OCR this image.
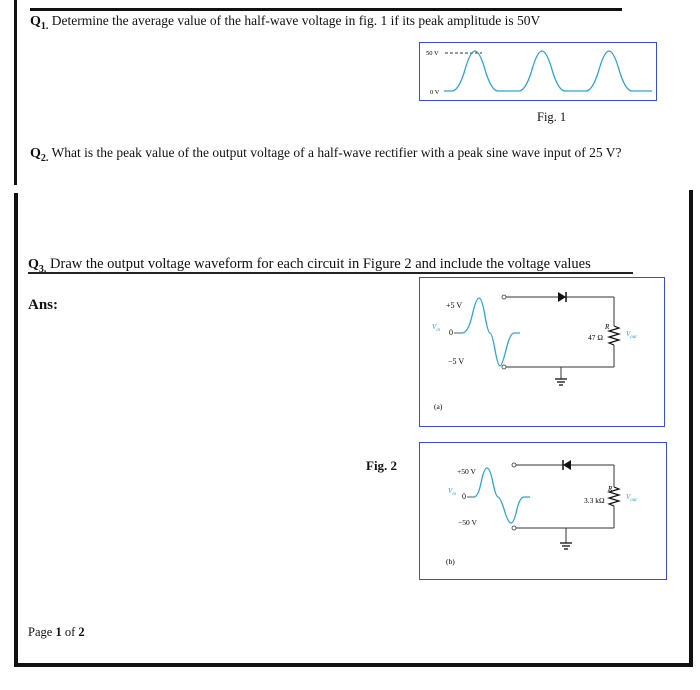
$Q_{1.}$ Determine the average value of the half-wave voltage in fig. 1 if its peak amplitude is 50V
50 V
0 V
Fig. 1
$Q_{2.}$ What is the peak value of the output voltage of a half-wave rectifier with a peak sine wave input of 25 V?
$Q_{3.}$ Draw the output voltage waveform for each circuit in Figure 2 and include the voltage values
Ans:	+5 V
$V_{in}$ 0
−5 V
R
47 Ω	$V_{out}$
(a)
Fig. 2	+50 V
$V_{in}$ 0
−50 V
R
3.3 kΩ	$V_{out}$
(b)
Page 1 of 2
